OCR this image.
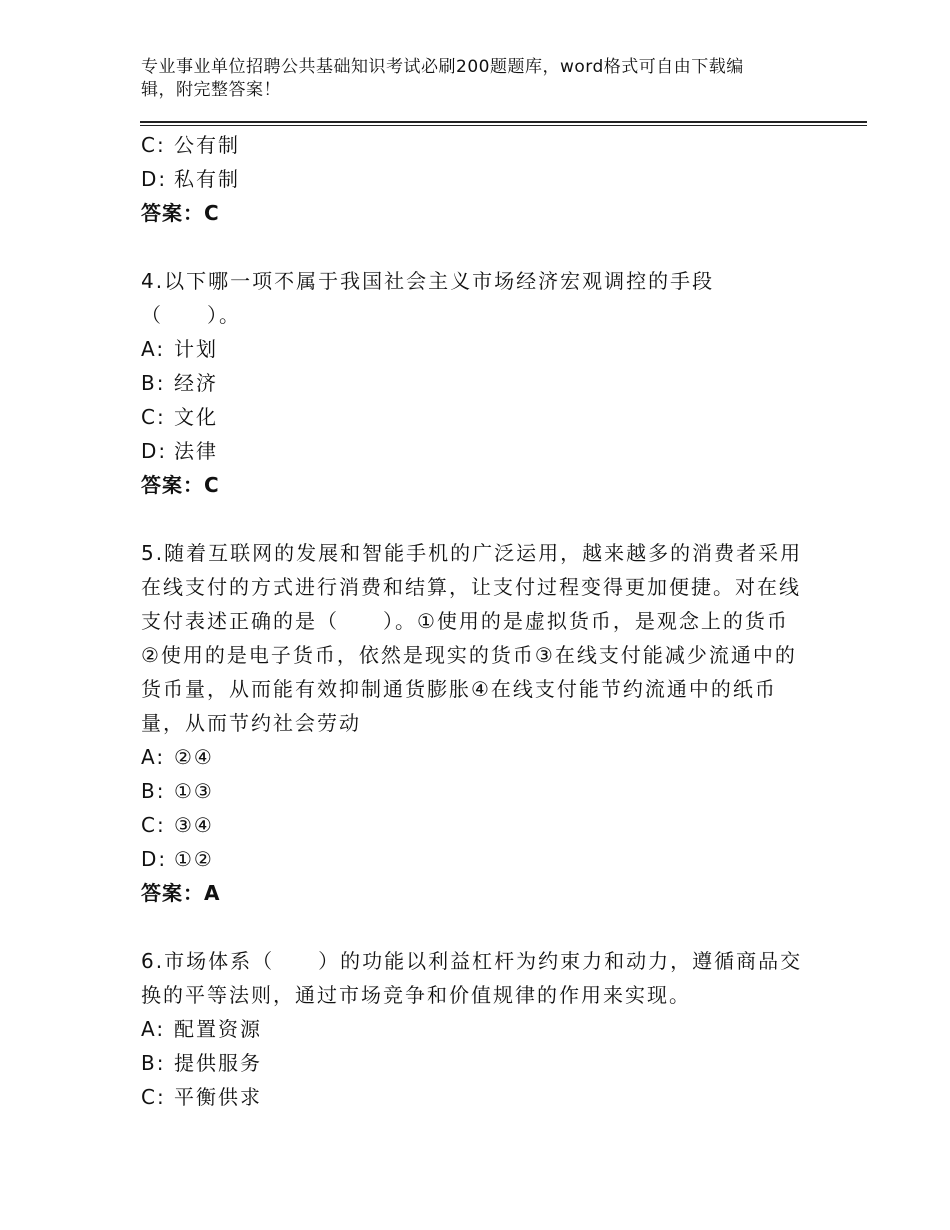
专业事业单位招聘公共基础知识考试必刷200题题库，word格式可自由下载编
辑，附完整答案！
C: 公有制
D: 私有制
答案：C
4.以下哪一项不属于我国社会主义市场经济宏观调控的手段
（　　）。
A: 计划
B: 经济
C: 文化
D: 法律
答案：C
5.随着互联网的发展和智能手机的广泛运用，越来越多的消费者采用
在线支付的方式进行消费和结算，让支付过程变得更加便捷。对在线
支付表述正确的是（　　）。①使用的是虚拟货币，是观念上的货币
②使用的是电子货币，依然是现实的货币③在线支付能减少流通中的
货币量，从而能有效抑制通货膨胀④在线支付能节约流通中的纸币
量，从而节约社会劳动
A: ②④
B: ①③
C: ③④
D: ①②
答案：A
6.市场体系（　　）的功能以利益杠杆为约束力和动力，遵循商品交
换的平等法则，通过市场竞争和价值规律的作用来实现。
A: 配置资源
B: 提供服务
C: 平衡供求
